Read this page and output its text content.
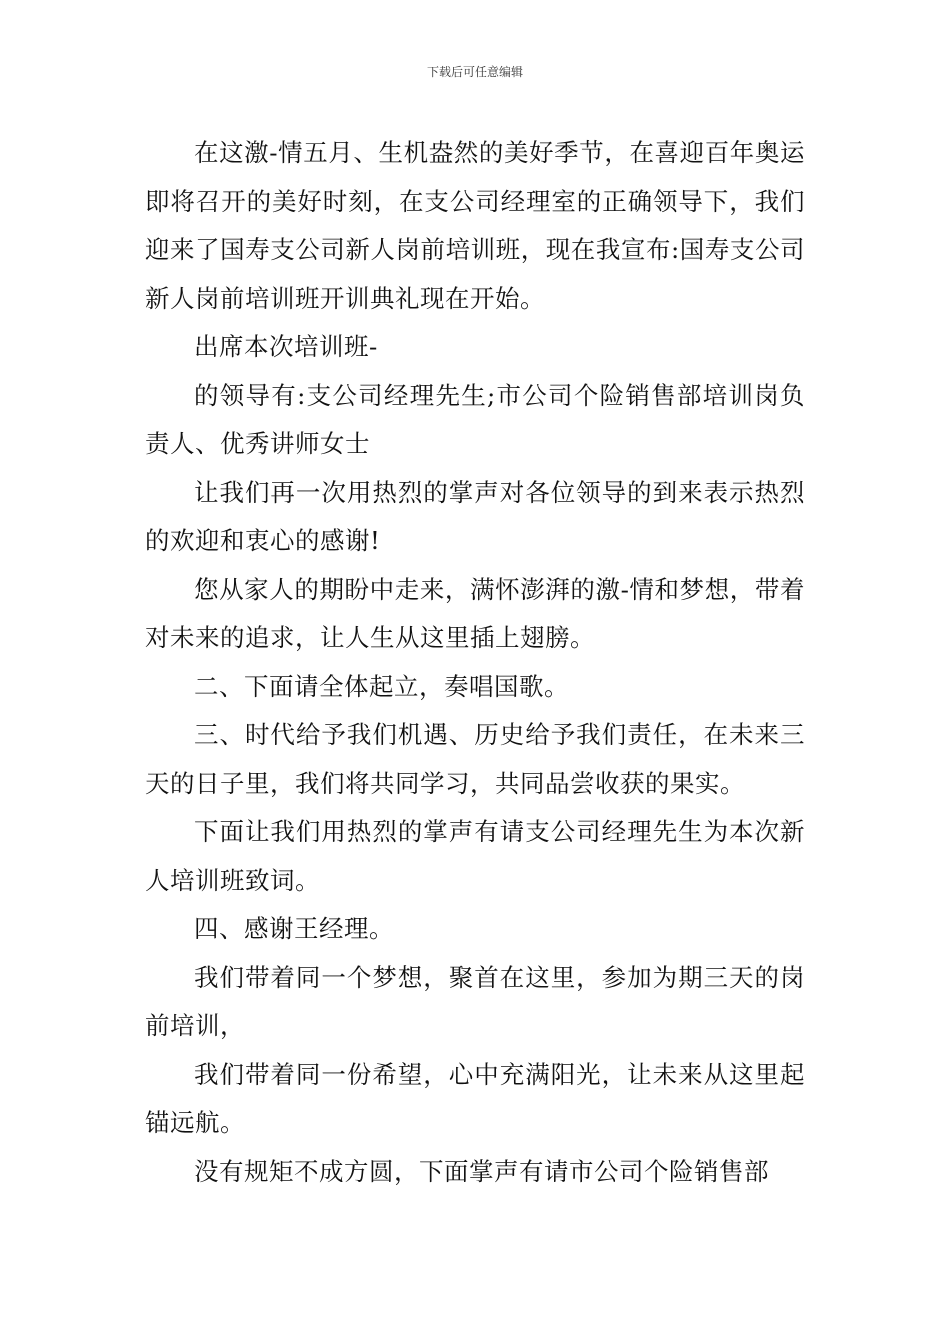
下载后可任意编辑

在这激-情五月、生机盎然的美好季节，在喜迎百年奥运即将召开的美好时刻，在支公司经理室的正确领导下，我们迎来了国寿支公司新人岗前培训班，现在我宣布:国寿支公司新人岗前培训班开训典礼现在开始。

出席本次培训班-

的领导有:支公司经理先生;市公司个险销售部培训岗负责人、优秀讲师女士

让我们再一次用热烈的掌声对各位领导的到来表示热烈的欢迎和衷心的感谢!

您从家人的期盼中走来，满怀澎湃的激-情和梦想，带着对未来的追求，让人生从这里插上翅膀。

二、下面请全体起立，奏唱国歌。

三、时代给予我们机遇、历史给予我们责任，在未来三天的日子里，我们将共同学习，共同品尝收获的果实。

下面让我们用热烈的掌声有请支公司经理先生为本次新人培训班致词。

四、感谢王经理。

我们带着同一个梦想，聚首在这里，参加为期三天的岗前培训，

我们带着同一份希望，心中充满阳光，让未来从这里起锚远航。

没有规矩不成方圆，下面掌声有请市公司个险销售部
